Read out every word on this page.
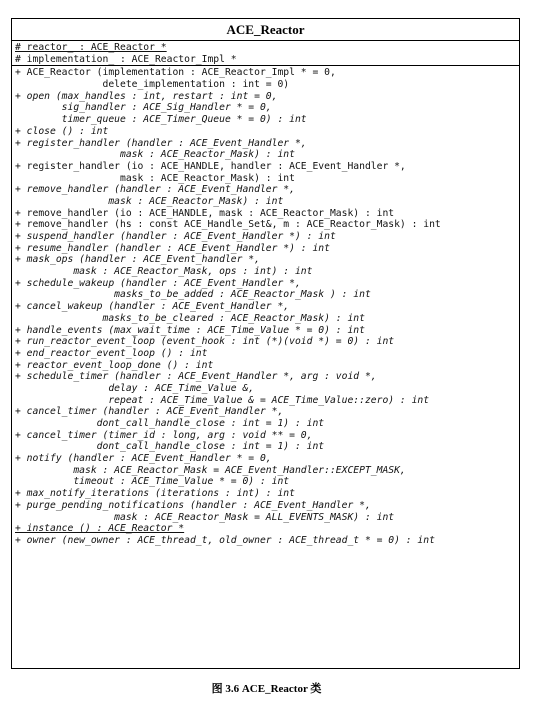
ACE_Reactor
# reactor_ : ACE_Reactor *
# implementation_ : ACE_Reactor_Impl *
+ ACE_Reactor (implementation : ACE_Reactor_Impl * = 0,
delete_implementation : int = 0)
+ open (max_handles : int, restart : int = 0,
sig_handler : ACE_Sig_Handler * = 0,
timer_queue : ACE_Timer_Queue * = 0) : int
+ close () : int
+ register_handler (handler : ACE_Event_Handler *,
mask : ACE_Reactor_Mask) : int
+ register_handler (io : ACE_HANDLE, handler : ACE_Event_Handler *,
mask : ACE_Reactor_Mask) : int
+ remove_handler (handler : ACE_Event_Handler *,
mask : ACE_Reactor_Mask) : int
+ remove_handler (io : ACE_HANDLE, mask : ACE_Reactor_Mask) : int
+ remove_handler (hs : const ACE_Handle_Set&, m : ACE_Reactor_Mask) : int
+ suspend_handler (handler : ACE_Event_Handler *) : int
+ resume_handler (handler : ACE_Event_Handler *) : int
+ mask_ops (handler : ACE_Event_handler *,
mask : ACE_Reactor_Mask, ops : int) : int
+ schedule_wakeup (handler : ACE_Event_Handler *,
masks_to_be_added : ACE_Reactor_Mask ) : int
+ cancel_wakeup (handler : ACE_Event_Handler *,
masks_to_be_cleared : ACE_Reactor_Mask) : int
+ handle_events (max_wait_time : ACE_Time_Value * = 0) : int
+ run_reactor_event_loop (event_hook : int (*)(void *) = 0) : int
+ end_reactor_event_loop () : int
+ reactor_event_loop_done () : int
+ schedule_timer (handler : ACE_Event_Handler *, arg : void *,
delay : ACE_Time_Value &,
repeat : ACE_Time_Value & = ACE_Time_Value::zero) : int
+ cancel_timer (handler : ACE_Event_Handler *,
dont_call_handle_close : int = 1) : int
+ cancel_timer (timer_id : long, arg : void ** = 0,
dont_call_handle_close : int = 1) : int
+ notify (handler : ACE_Event_Handler * = 0,
mask : ACE_Reactor_Mask = ACE_Event_Handler::EXCEPT_MASK,
timeout : ACE_Time_Value * = 0) : int
+ max_notify_iterations (iterations : int) : int
+ purge_pending_notifications (handler : ACE_Event_Handler *,
mask : ACE_Reactor_Mask = ALL_EVENTS_MASK) : int
+ instance () : ACE_Reactor *
+ owner (new_owner : ACE_thread_t, old_owner : ACE_thread_t * = 0) : int
图 3.6 ACE_Reactor 类
